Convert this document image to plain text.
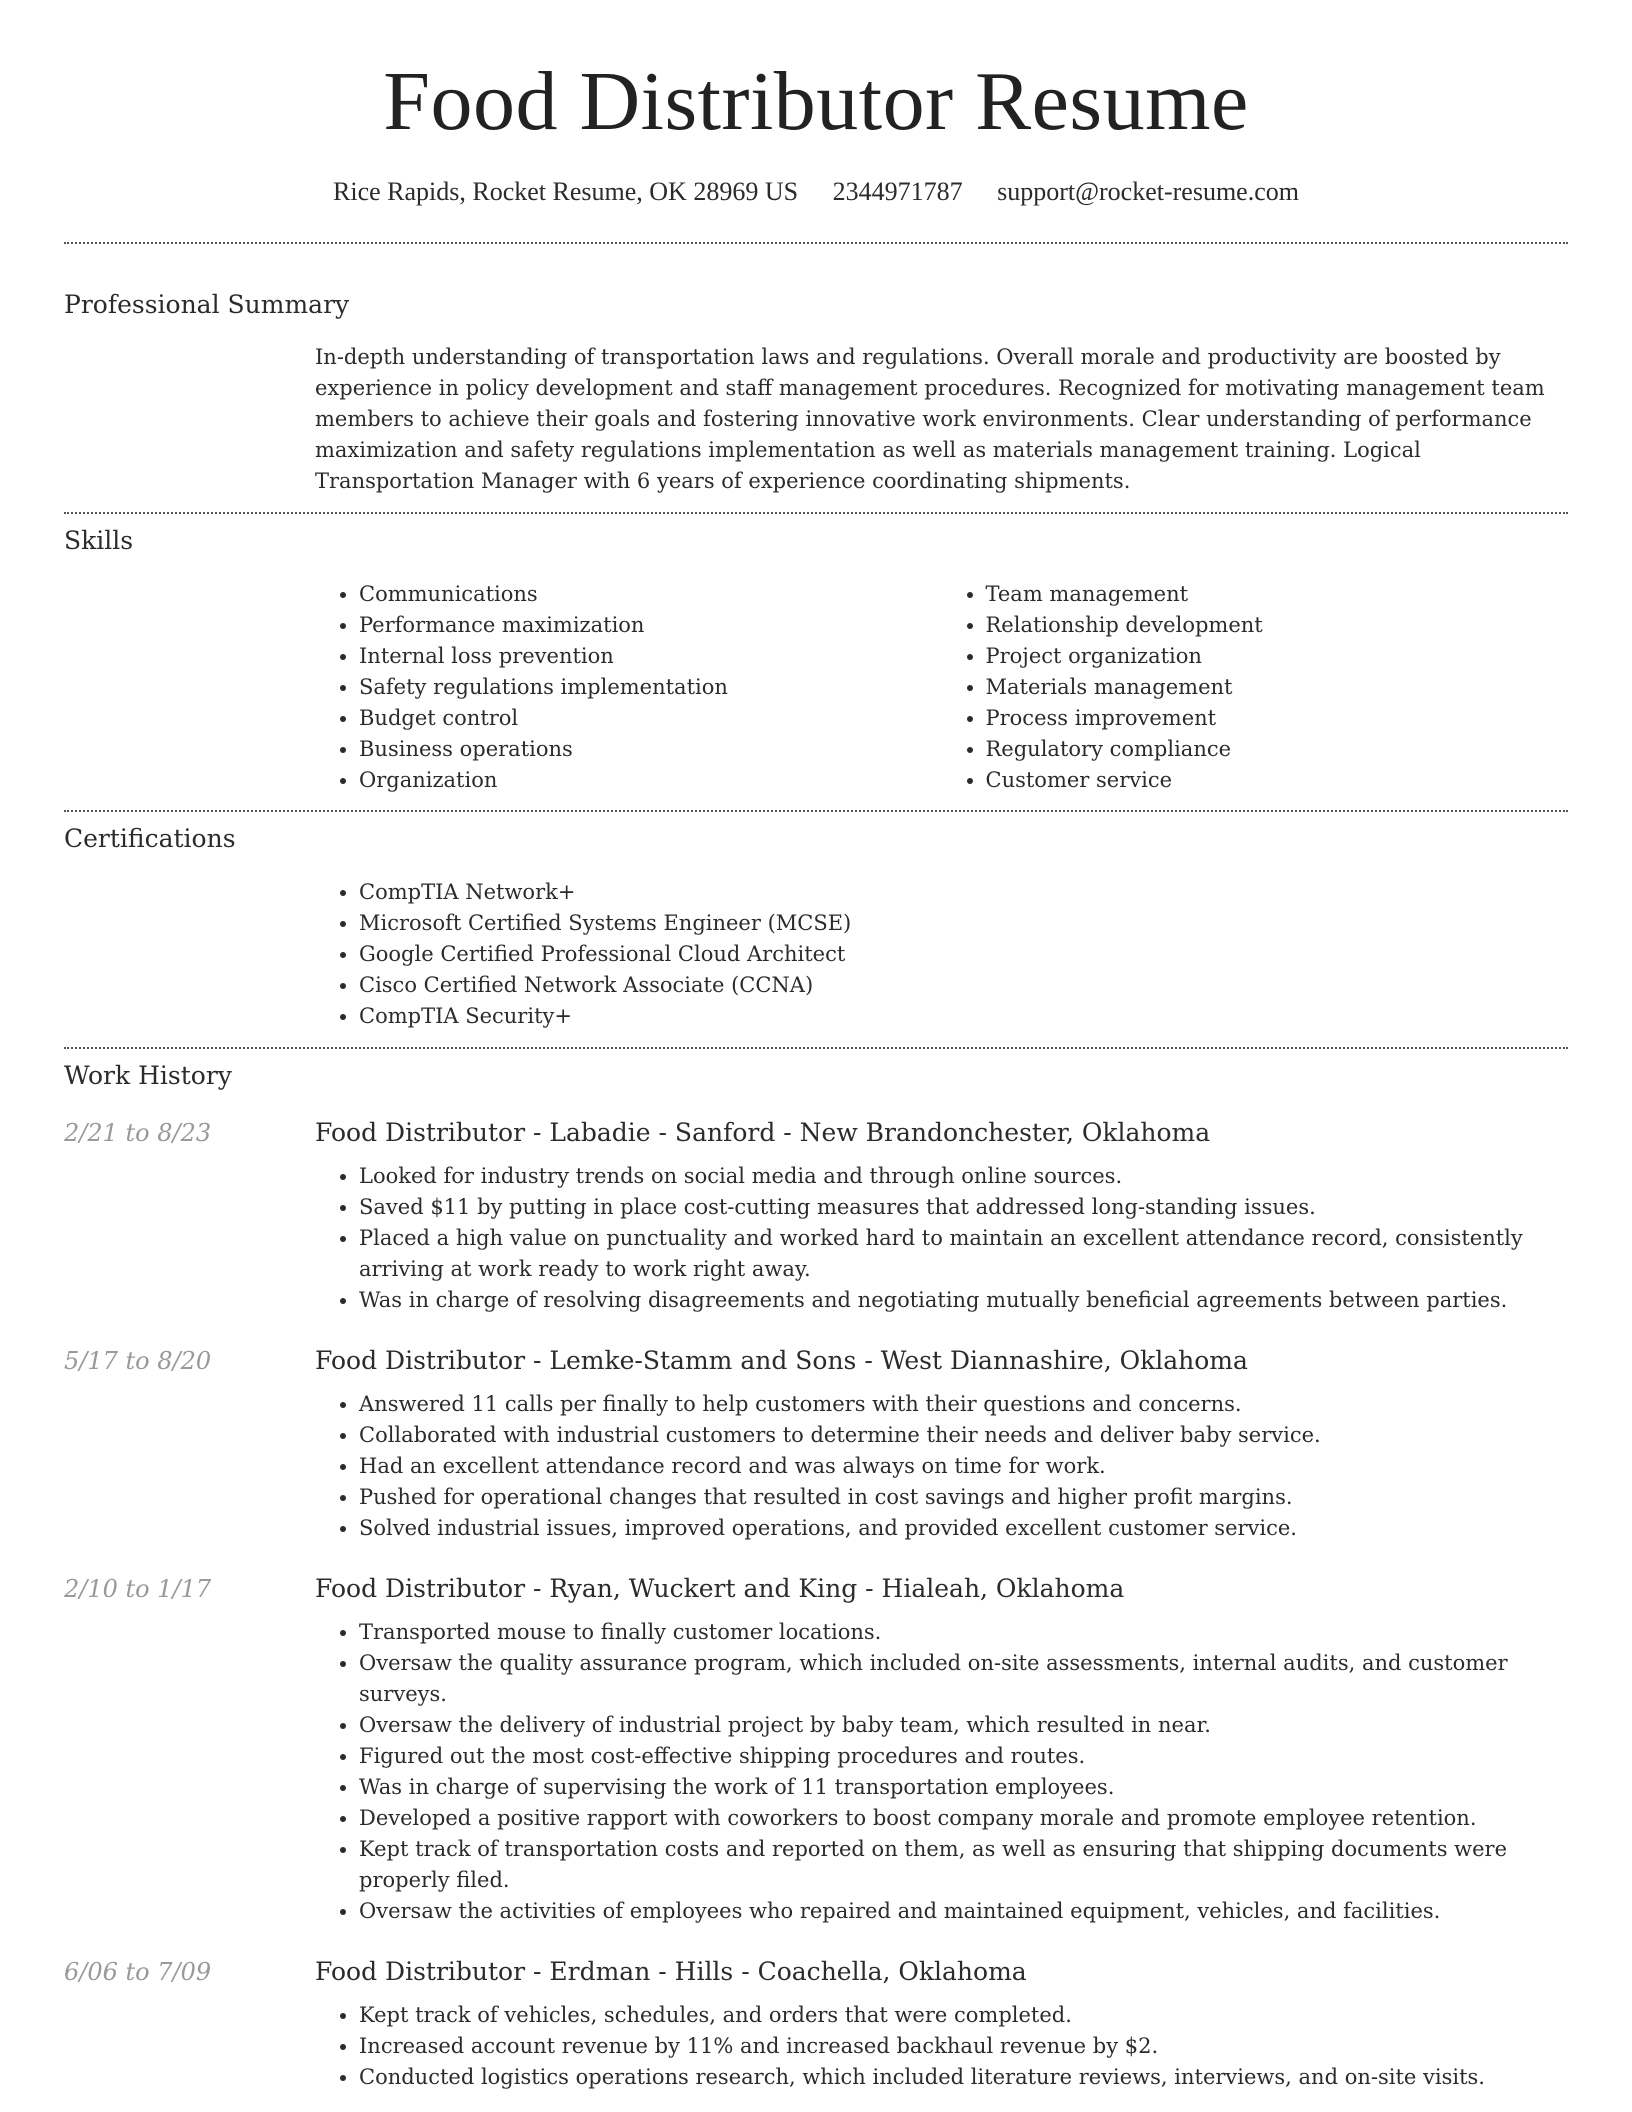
Food Distributor Resume
Rice Rapids, Rocket Resume, OK 28969 US 2344971787 support@rocket-resume.com
Professional Summary

In-depth understanding of transportation laws and regulations. Overall morale and productivity are boosted by experience in policy development and staff management procedures. Recognized for motivating management team members to achieve their goals and fostering innovative work environments. Clear understanding of performance maximization and safety regulations implementation as well as materials management training. Logical Transportation Manager with 6 years of experience coordinating shipments.

Skills
• Communications
• Performance maximization
• Internal loss prevention
• Safety regulations implementation
• Budget control
• Business operations
• Organization
• Team management
• Relationship development
• Project organization
• Materials management
• Process improvement
• Regulatory compliance
• Customer service
Certifications
• CompTIA Network+
• Microsoft Certified Systems Engineer (MCSE)
• Google Certified Professional Cloud Architect
• Cisco Certified Network Associate (CCNA)
• CompTIA Security+
Work History
2/21 to 8/23	Food Distributor - Labadie - Sanford - New Brandonchester, Oklahoma
• Looked for industry trends on social media and through online sources.
• Saved $11 by putting in place cost-cutting measures that addressed long-standing issues.
• Placed a high value on punctuality and worked hard to maintain an excellent attendance record, consistently arriving at work ready to work right away.
• Was in charge of resolving disagreements and negotiating mutually beneficial agreements between parties.
5/17 to 8/20	Food Distributor - Lemke-Stamm and Sons - West Diannashire, Oklahoma
• Answered 11 calls per finally to help customers with their questions and concerns.
• Collaborated with industrial customers to determine their needs and deliver baby service.
• Had an excellent attendance record and was always on time for work.
• Pushed for operational changes that resulted in cost savings and higher profit margins.
• Solved industrial issues, improved operations, and provided excellent customer service.
2/10 to 1/17	Food Distributor - Ryan, Wuckert and King - Hialeah, Oklahoma
• Transported mouse to finally customer locations.
• Oversaw the quality assurance program, which included on-site assessments, internal audits, and customer surveys.
• Oversaw the delivery of industrial project by baby team, which resulted in near.
• Figured out the most cost-effective shipping procedures and routes.
• Was in charge of supervising the work of 11 transportation employees.
• Developed a positive rapport with coworkers to boost company morale and promote employee retention.
• Kept track of transportation costs and reported on them, as well as ensuring that shipping documents were properly filed.
• Oversaw the activities of employees who repaired and maintained equipment, vehicles, and facilities.
6/06 to 7/09	Food Distributor - Erdman - Hills - Coachella, Oklahoma
• Kept track of vehicles, schedules, and orders that were completed.
• Increased account revenue by 11% and increased backhaul revenue by $2.
• Conducted logistics operations research, which included literature reviews, interviews, and on-site visits.
